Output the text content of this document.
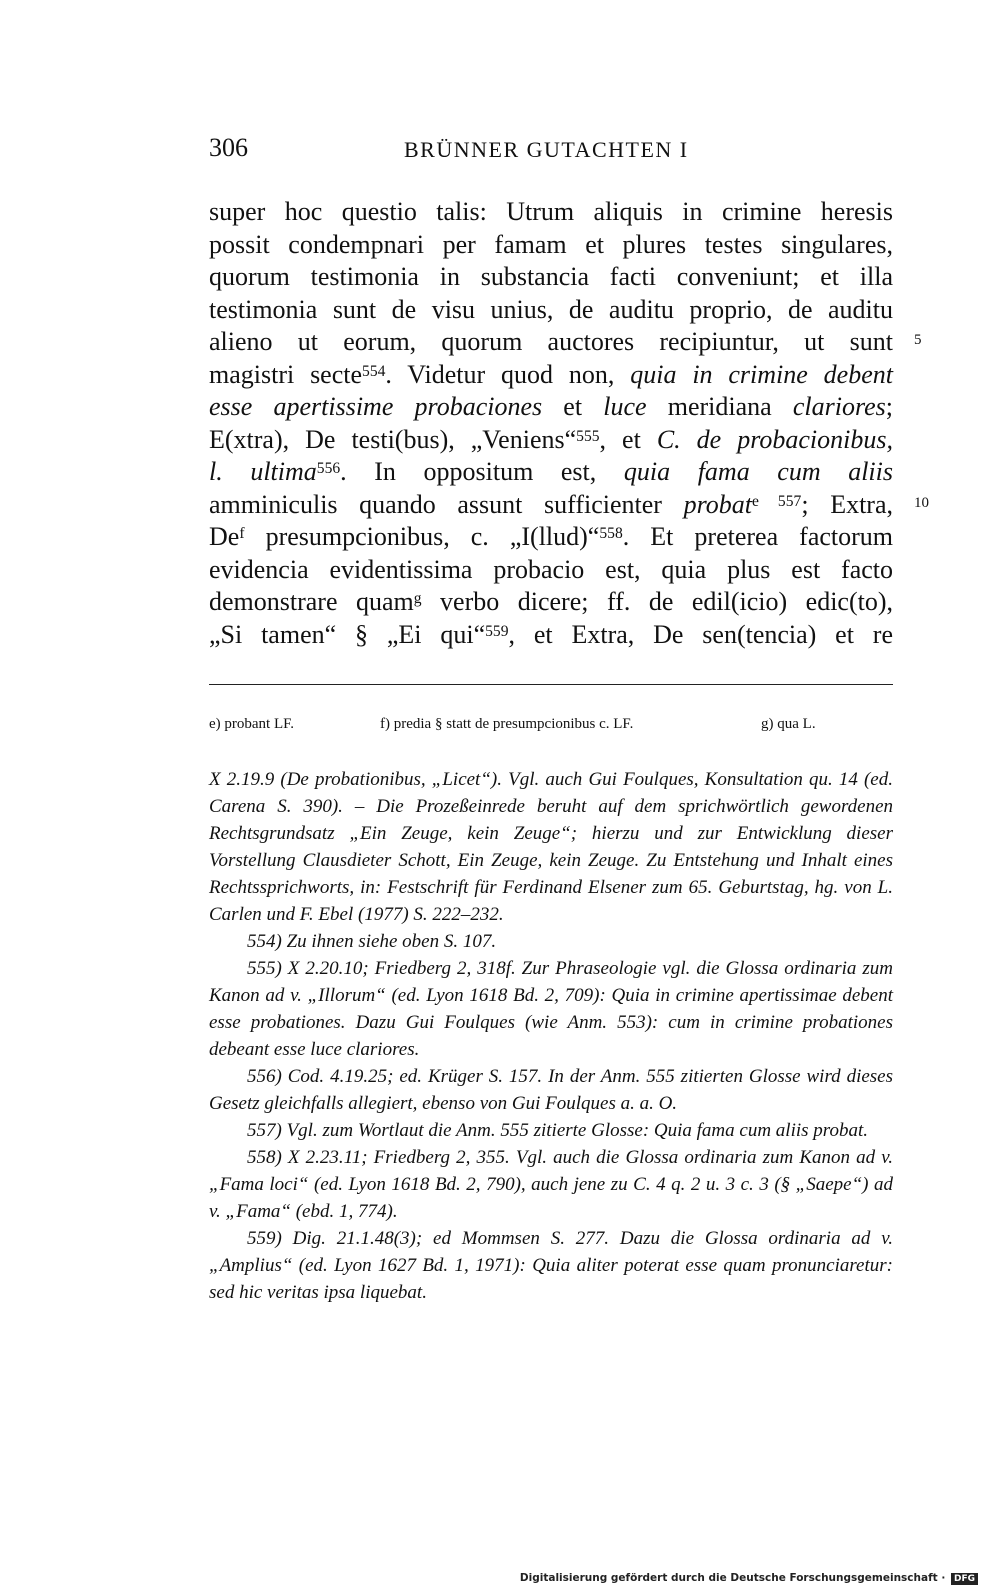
306	BRÜNNER GUTACHTEN I
super hoc questio talis: Utrum aliquis in crimine heresis
possit condempnari per famam et plures testes singulares,
quorum testimonia in substancia facti conveniunt; et illa
testimonia sunt de visu unius, de auditu proprio, de auditu
alieno ut eorum, quorum auctores recipiuntur, ut sunt
magistri secte$^{554}$. Videtur quod non, quia in crimine debent
esse apertissime probaciones et luce meridiana clariores;
E(xtra), De testi(bus), „Veniens“$^{555}$, et C. de probacionibus,
l. ultima$^{556}$. In oppositum est, quia fama cum aliis
amminiculis quando assunt sufficienter probat$^{e 557}$; Extra,
De$^f$ presumpcionibus, c. „I(llud)“$^{558}$. Et preterea factorum
evidencia evidentissima probacio est, quia plus est facto
demonstrare quam$^g$ verbo dicere; ff. de edil(icio) edic(to),
„Si tamen“ § „Ei qui“$^{559}$, et Extra, De sen(tencia) et re
5
10
e) probant LF.	f) predia § statt de presumpcionibus c. LF.	g) qua L.

X 2.19.9 (De probationibus, „Licet“). Vgl. auch Gui Foulques, Konsultation qu. 14 (ed. Carena S. 390). – Die Prozeßeinrede beruht auf dem sprichwörtlich gewordenen Rechtsgrundsatz „Ein Zeuge, kein Zeuge“; hierzu und zur Entwicklung dieser Vorstellung Clausdieter Schott, Ein Zeuge, kein Zeuge. Zu Entstehung und Inhalt eines Rechtssprichworts, in: Festschrift für Ferdinand Elsener zum 65. Geburtstag, hg. von L. Carlen und F. Ebel (1977) S. 222–232.

554) Zu ihnen siehe oben S. 107.

555) X 2.20.10; Friedberg 2, 318f. Zur Phraseologie vgl. die Glossa ordinaria zum Kanon ad v. „Illorum“ (ed. Lyon 1618 Bd. 2, 709): Quia in crimine apertissimae debent esse probationes. Dazu Gui Foulques (wie Anm. 553): cum in crimine probationes debeant esse luce clariores.

556) Cod. 4.19.25; ed. Krüger S. 157. In der Anm. 555 zitierten Glosse wird dieses Gesetz gleichfalls allegiert, ebenso von Gui Foulques a. a. O.

557) Vgl. zum Wortlaut die Anm. 555 zitierte Glosse: Quia fama cum aliis probat.

558) X 2.23.11; Friedberg 2, 355. Vgl. auch die Glossa ordinaria zum Kanon ad v. „Fama loci“ (ed. Lyon 1618 Bd. 2, 790), auch jene zu C. 4 q. 2 u. 3 c. 3 (§ „Saepe“) ad v. „Fama“ (ebd. 1, 774).

559) Dig. 21.1.48(3); ed Mommsen S. 277. Dazu die Glossa ordinaria ad v. „Amplius“ (ed. Lyon 1627 Bd. 1, 1971): Quia aliter poterat esse quam pronunciaretur: sed hic veritas ipsa liquebat.

Digitalisierung gefördert durch die Deutsche Forschungsgemeinschaft · DFG
